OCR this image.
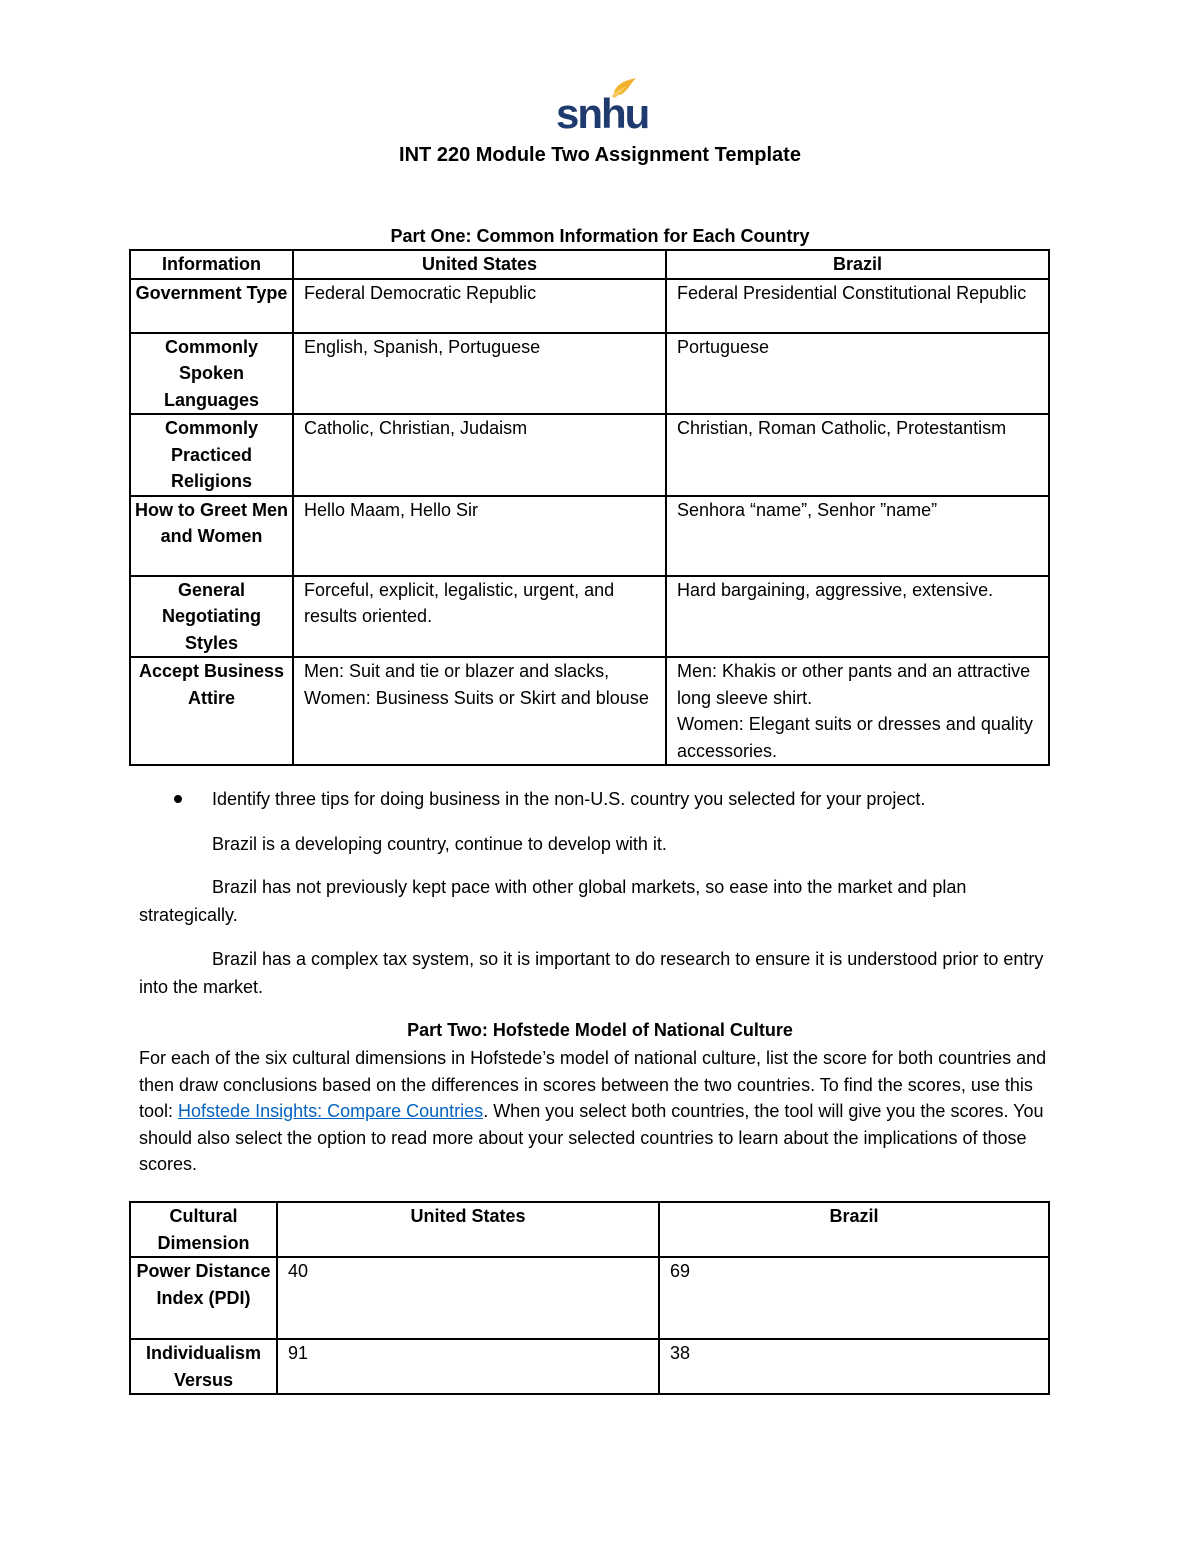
snhu
INT 220 Module Two Assignment Template
Part One: Common Information for Each Country
Information	United States	Brazil
Government Type	Federal Democratic Republic	Federal Presidential Constitutional Republic
Commonly Spoken Languages	English, Spanish, Portuguese	Portuguese
Commonly Practiced Religions	Catholic, Christian, Judaism	Christian, Roman Catholic, Protestantism
How to Greet Men and Women	Hello Maam, Hello Sir	Senhora “name”, Senhor ”name”
General Negotiating Styles	Forceful, explicit, legalistic, urgent, and results oriented.	Hard bargaining, aggressive, extensive.
Accept Business Attire	Men: Suit and tie or blazer and slacks, Women: Business Suits or Skirt and blouse	Men: Khakis or other pants and an attractive long sleeve shirt.
Women: Elegant suits or dresses and quality accessories.
Identify three tips for doing business in the non-U.S. country you selected for your project.
Brazil is a developing country, continue to develop with it.
Brazil has not previously kept pace with other global markets, so ease into the market and plan strategically.
Brazil has a complex tax system, so it is important to do research to ensure it is understood prior to entry into the market.
Part Two: Hofstede Model of National Culture
For each of the six cultural dimensions in Hofstede’s model of national culture, list the score for both countries and then draw conclusions based on the differences in scores between the two countries. To find the scores, use this tool: Hofstede Insights: Compare Countries. When you select both countries, the tool will give you the scores. You should also select the option to read more about your selected countries to learn about the implications of those scores.
Cultural Dimension	United States	Brazil
Power Distance Index (PDI)	40	69
Individualism Versus	91	38
